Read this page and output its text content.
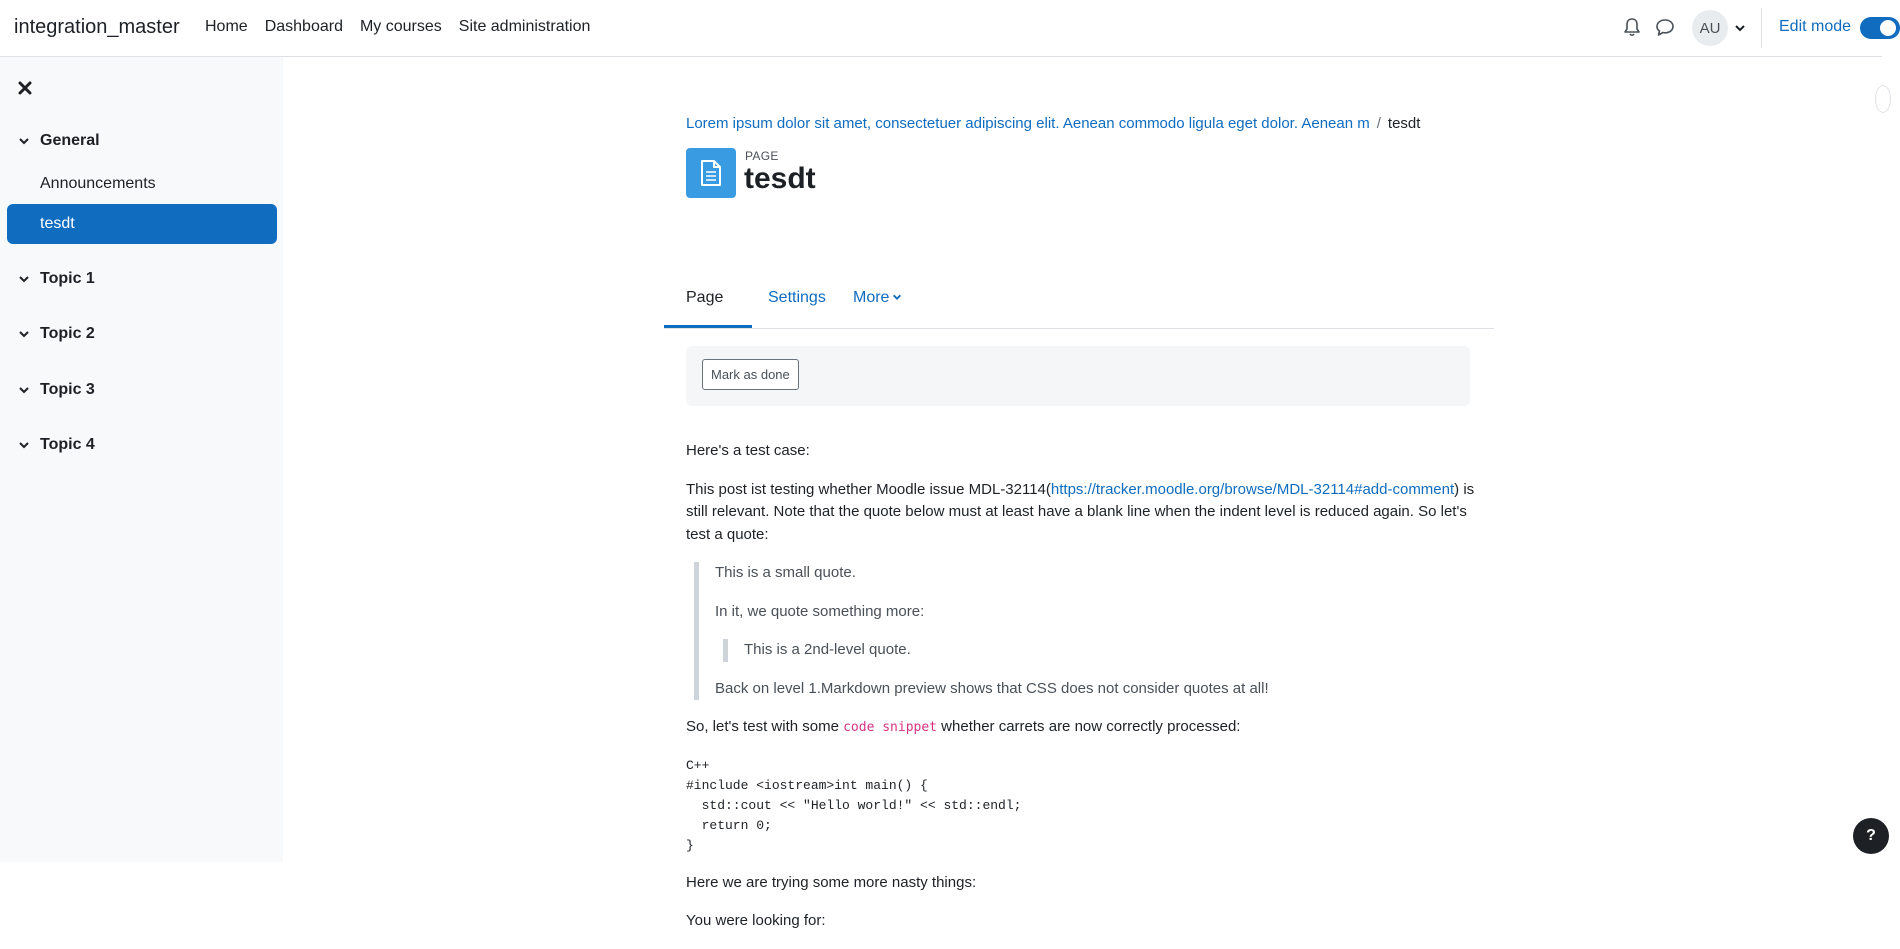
integration_master Home Dashboard My courses Site administration	AU	Edit mode
General
Announcements
tesdt
Topic 1
Topic 2
Topic 3
Topic 4
Lorem ipsum dolor sit amet, consectetuer adipiscing elit. Aenean commodo ligula eget dolor. Aenean m / tesdt
PAGE
tesdt
Page	Settings More
Mark as done

Here's a test case:

This post ist testing whether Moodle issue MDL-32114(https://tracker.moodle.org/browse/MDL-32114#add-comment) is still relevant. Note that the quote below must at least have a blank line when the indent level is reduced again. So let's test a quote:

This is a small quote.

In it, we quote something more:

This is a 2nd-level quote.

Back on level 1.Markdown preview shows that CSS does not consider quotes at all!

So, let's test with some code snippet whether carrets are now correctly processed:

C++
#include <iostream>int main() {
std::cout << "Hello world!" << std::endl;
return 0;
}

Here we are trying some more nasty things:

You were looking for:

?
